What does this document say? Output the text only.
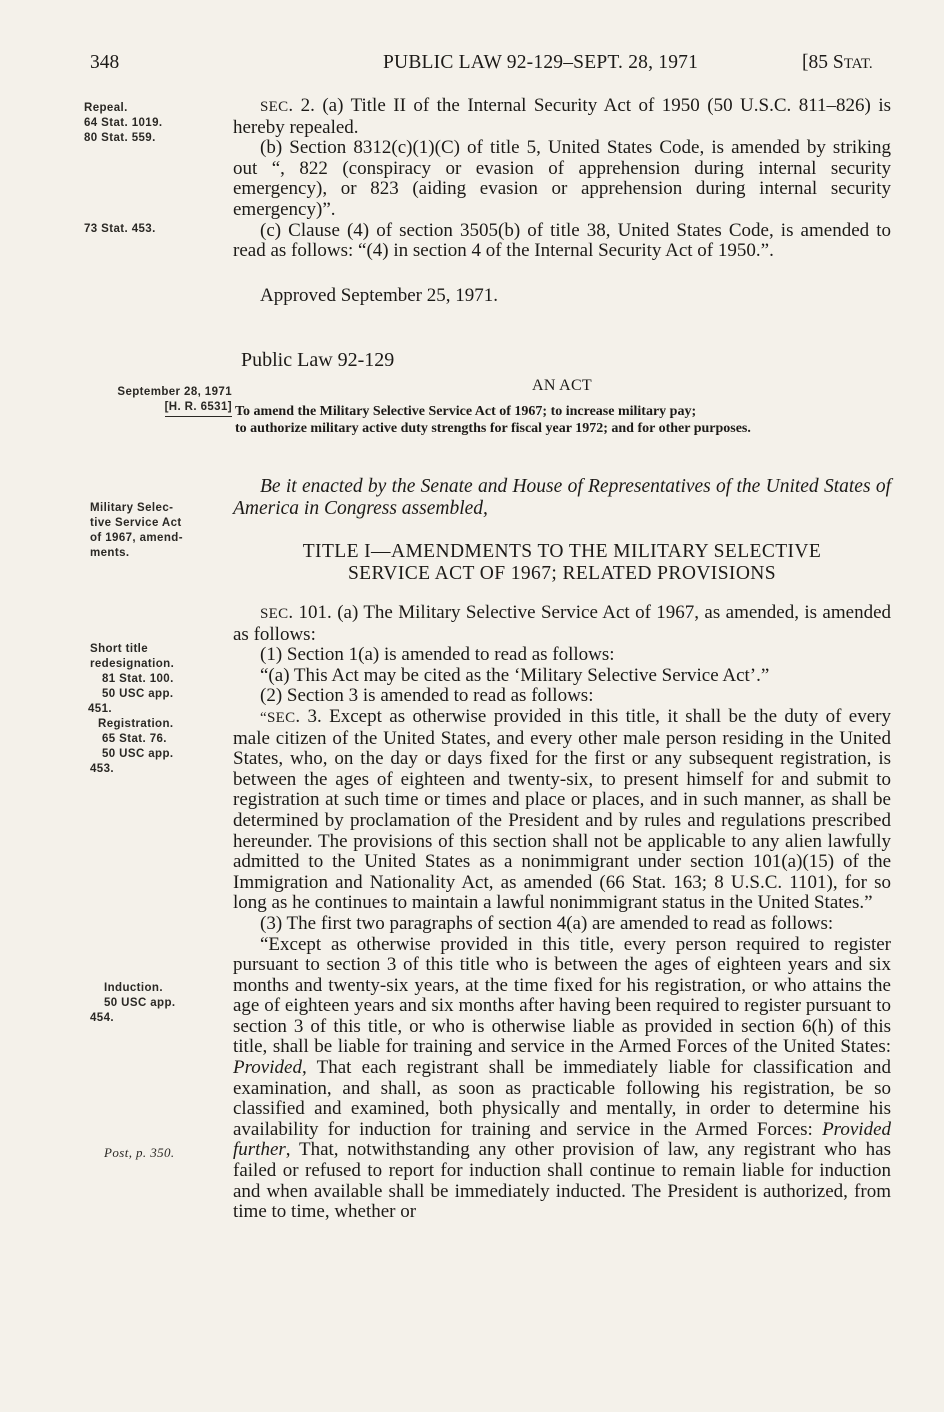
348	PUBLIC LAW 92-129–SEPT. 28, 1971	[85 STAT.
Repeal.
64 Stat. 1019.
80 Stat. 559.
73 Stat. 453.
September 28, 1971
[H. R. 6531]
Military Selec-
tive Service Act
of 1967, amend-
ments.
Short title
redesignation.
81 Stat. 100.
50 USC app.
451.
Registration.
65 Stat. 76.
50 USC app.
453.
Induction.
50 USC app.
454.
Post, p. 350.

SEC. 2. (a) Title II of the Internal Security Act of 1950 (50 U.S.C. 811–826) is hereby repealed.

(b) Section 8312(c)(1)(C) of title 5, United States Code, is amended by striking out “, 822 (conspiracy or evasion of apprehension during internal security emergency), or 823 (aiding evasion or apprehension during internal security emergency)”.

(c) Clause (4) of section 3505(b) of title 38, United States Code, is amended to read as follows: “(4) in section 4 of the Internal Security Act of 1950.”.

Approved September 25, 1971.

Public Law 92-129
AN ACT
To amend the Military Selective Service Act of 1967; to increase military pay;
to authorize military active duty strengths for fiscal year 1972; and for other purposes.

Be it enacted by the Senate and House of Representatives of the United States of America in Congress assembled,

TITLE I—AMENDMENTS TO THE MILITARY SELECTIVE
SERVICE ACT OF 1967; RELATED PROVISIONS

SEC. 101. (a) The Military Selective Service Act of 1967, as amended, is amended as follows:

(1) Section 1(a) is amended to read as follows:

“(a) This Act may be cited as the ‘Military Selective Service Act’.”

(2) Section 3 is amended to read as follows:

“SEC. 3. Except as otherwise provided in this title, it shall be the duty of every male citizen of the United States, and every other male person residing in the United States, who, on the day or days fixed for the first or any subsequent registration, is between the ages of eighteen and twenty-six, to present himself for and submit to registration at such time or times and place or places, and in such manner, as shall be determined by proclamation of the President and by rules and regulations prescribed hereunder. The provisions of this section shall not be applicable to any alien lawfully admitted to the United States as a nonimmigrant under section 101(a)(15) of the Immigration and Nationality Act, as amended (66 Stat. 163; 8 U.S.C. 1101), for so long as he continues to maintain a lawful nonimmigrant status in the United States.”

(3) The first two paragraphs of section 4(a) are amended to read as follows:

“Except as otherwise provided in this title, every person required to register pursuant to section 3 of this title who is between the ages of eighteen years and six months and twenty-six years, at the time fixed for his registration, or who attains the age of eighteen years and six months after having been required to register pursuant to section 3 of this title, or who is otherwise liable as provided in section 6(h) of this title, shall be liable for training and service in the Armed Forces of the United States: Provided, That each registrant shall be immediately liable for classification and examination, and shall, as soon as practicable following his registration, be so classified and examined, both physically and mentally, in order to determine his availability for induction for training and service in the Armed Forces: Provided further, That, notwithstanding any other provision of law, any registrant who has failed or refused to report for induction shall continue to remain liable for induction and when available shall be immediately inducted. The President is authorized, from time to time, whether or
